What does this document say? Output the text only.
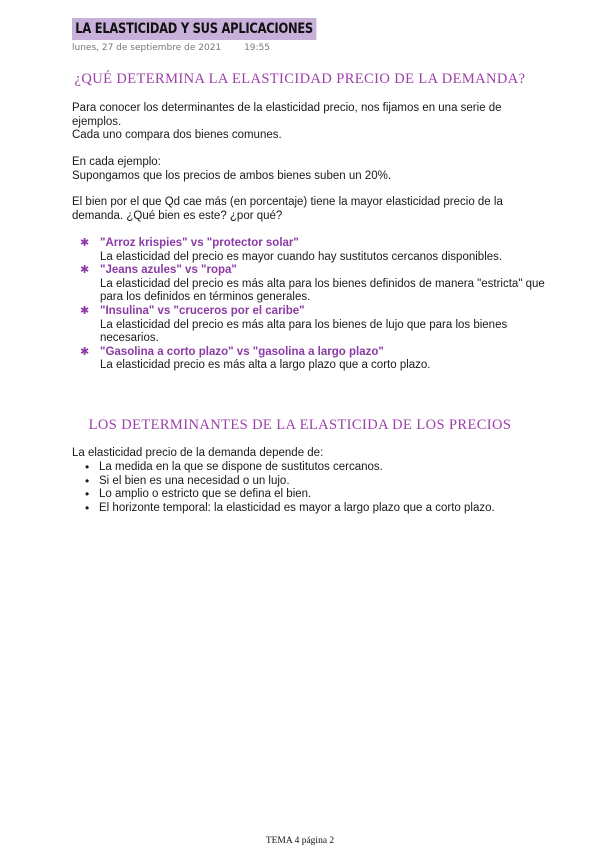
LA ELASTICIDAD Y SUS APLICACIONES
lunes, 27 de septiembre de 2021	19:55
¿QUÉ DETERMINA LA ELASTICIDAD PRECIO DE LA DEMANDA?
Para conocer los determinantes de la elasticidad precio, nos fijamos en una serie de ejemplos.
Cada uno compara dos bienes comunes.
En cada ejemplo:
Supongamos que los precios de ambos bienes suben un 20%.
El bien por el que Qd cae más (en porcentaje) tiene la mayor elasticidad precio de la demanda. ¿Qué bien es este? ¿por qué?
✱ "Arroz krispies" vs "protector solar"
La elasticidad del precio es mayor cuando hay sustitutos cercanos disponibles.
✱ "Jeans azules" vs "ropa"
La elasticidad del precio es más alta para los bienes definidos de manera "estricta" que para los definidos en términos generales.
✱ "Insulina" vs "cruceros por el caribe"
La elasticidad del precio es más alta para los bienes de lujo que para los bienes necesarios.
✱ "Gasolina a corto plazo" vs "gasolina a largo plazo"
La elasticidad precio es más alta a largo plazo que a corto plazo.
LOS DETERMINANTES DE LA ELASTICIDA DE LOS PRECIOS
La elasticidad precio de la demanda depende de:
• La medida en la que se dispone de sustitutos cercanos.
• Si el bien es una necesidad o un lujo.
• Lo amplio o estricto que se defina el bien.
• El horizonte temporal: la elasticidad es mayor a largo plazo que a corto plazo.
TEMA 4 página 2
